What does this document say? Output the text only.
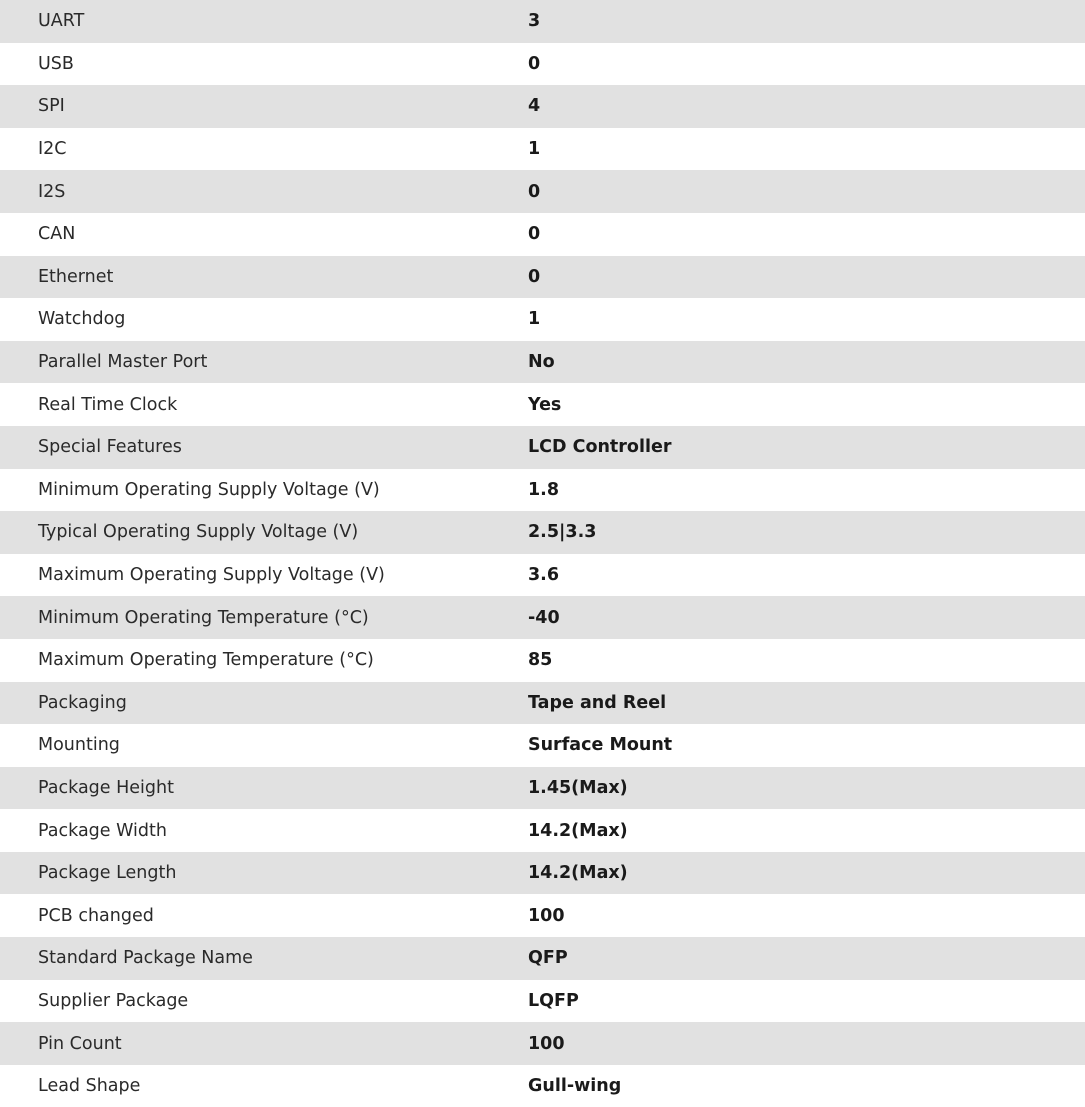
UART	3
USB	0
SPI	4
I2C	1
I2S	0
CAN	0
Ethernet	0
Watchdog	1
Parallel Master Port	No
Real Time Clock	Yes
Special Features	LCD Controller
Minimum Operating Supply Voltage (V)	1.8
Typical Operating Supply Voltage (V)	2.5|3.3
Maximum Operating Supply Voltage (V)	3.6
Minimum Operating Temperature (°C)	-40
Maximum Operating Temperature (°C)	85
Packaging	Tape and Reel
Mounting	Surface Mount
Package Height	1.45(Max)
Package Width	14.2(Max)
Package Length	14.2(Max)
PCB changed	100
Standard Package Name	QFP
Supplier Package	LQFP
Pin Count	100
Lead Shape	Gull-wing
